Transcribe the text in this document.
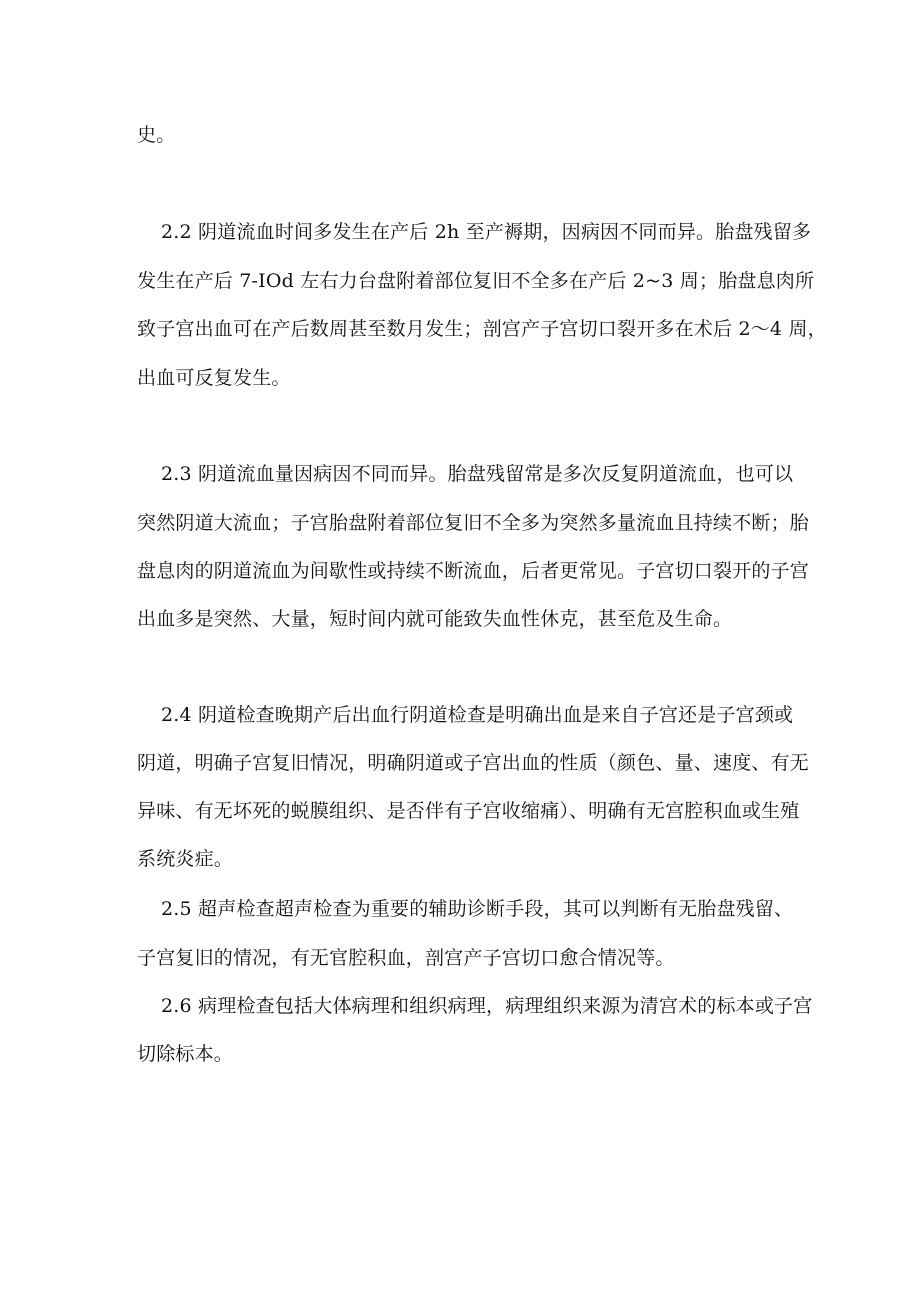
史。
2.2 阴道流血时间多发生在产后 2h 至产褥期，因病因不同而异。胎盘残留多
发生在产后 7-IOd 左右力台盘附着部位复旧不全多在产后 2~3 周；胎盘息肉所
致子宫出血可在产后数周甚至数月发生；剖宫产子宫切口裂开多在术后 2～4 周，
出血可反复发生。
2.3 阴道流血量因病因不同而异。胎盘残留常是多次反复阴道流血，也可以
突然阴道大流血；子宫胎盘附着部位复旧不全多为突然多量流血且持续不断；胎
盘息肉的阴道流血为间歇性或持续不断流血，后者更常见。子宫切口裂开的子宫
出血多是突然、大量，短时间内就可能致失血性休克，甚至危及生命。
2.4 阴道检查晚期产后出血行阴道检查是明确出血是来自子宫还是子宫颈或
阴道，明确子宫复旧情况，明确阴道或子宫出血的性质（颜色、量、速度、有无
异味、有无坏死的蜕膜组织、是否伴有子宫收缩痛）、明确有无宫腔积血或生殖
系统炎症。
2.5 超声检查超声检查为重要的辅助诊断手段，其可以判断有无胎盘残留、
子宫复旧的情况，有无官腔积血，剖宫产子宫切口愈合情况等。
2.6 病理检查包括大体病理和组织病理，病理组织来源为清宫术的标本或子宫
切除标本。
